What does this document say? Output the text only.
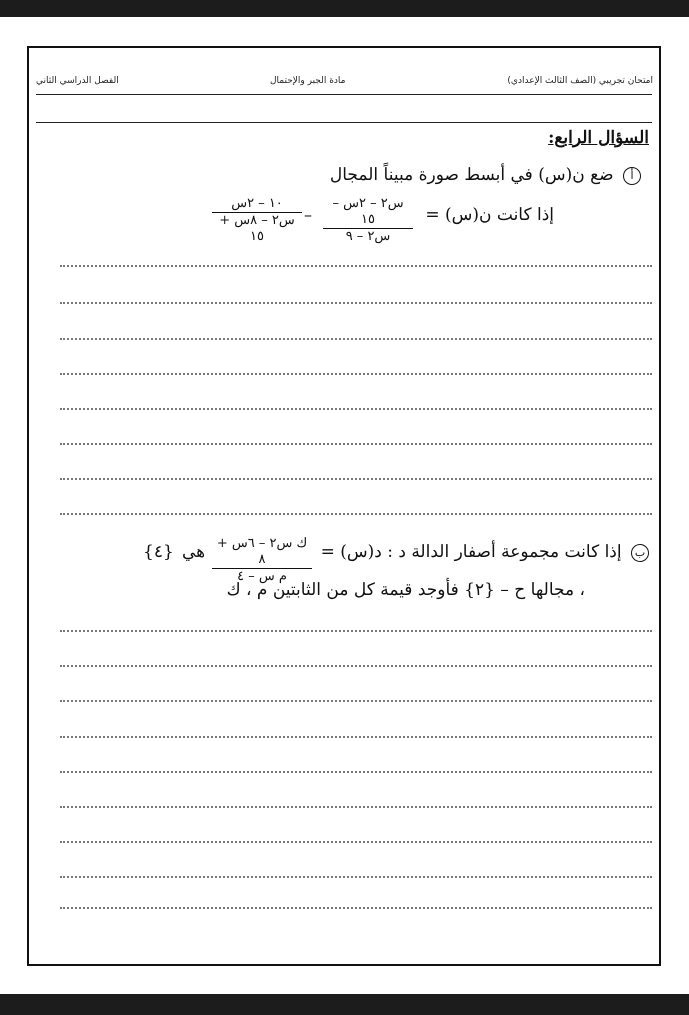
امتحان تجريبي (الصف الثالث الإعدادي)
مادة الجبر والإحتمال
الفصل الدراسي الثاني
السؤال الرابع:
أ ضع ن(س) في أبسط صورة مبيناً المجال
إذا كانت ن(س) =
س٢ – ٢س – ١٥
س٢ – ٩
–
١٠ – ٢س
س٢ – ٨س + ١٥
ب إذا كانت مجموعة أصفار الدالة د : د(س) =
ك س٢ – ٦س + ٨
م س – ٤
هي
{٤}
، مجالها ح – {٢} فأوجد قيمة كل من الثابتين م ، ك
